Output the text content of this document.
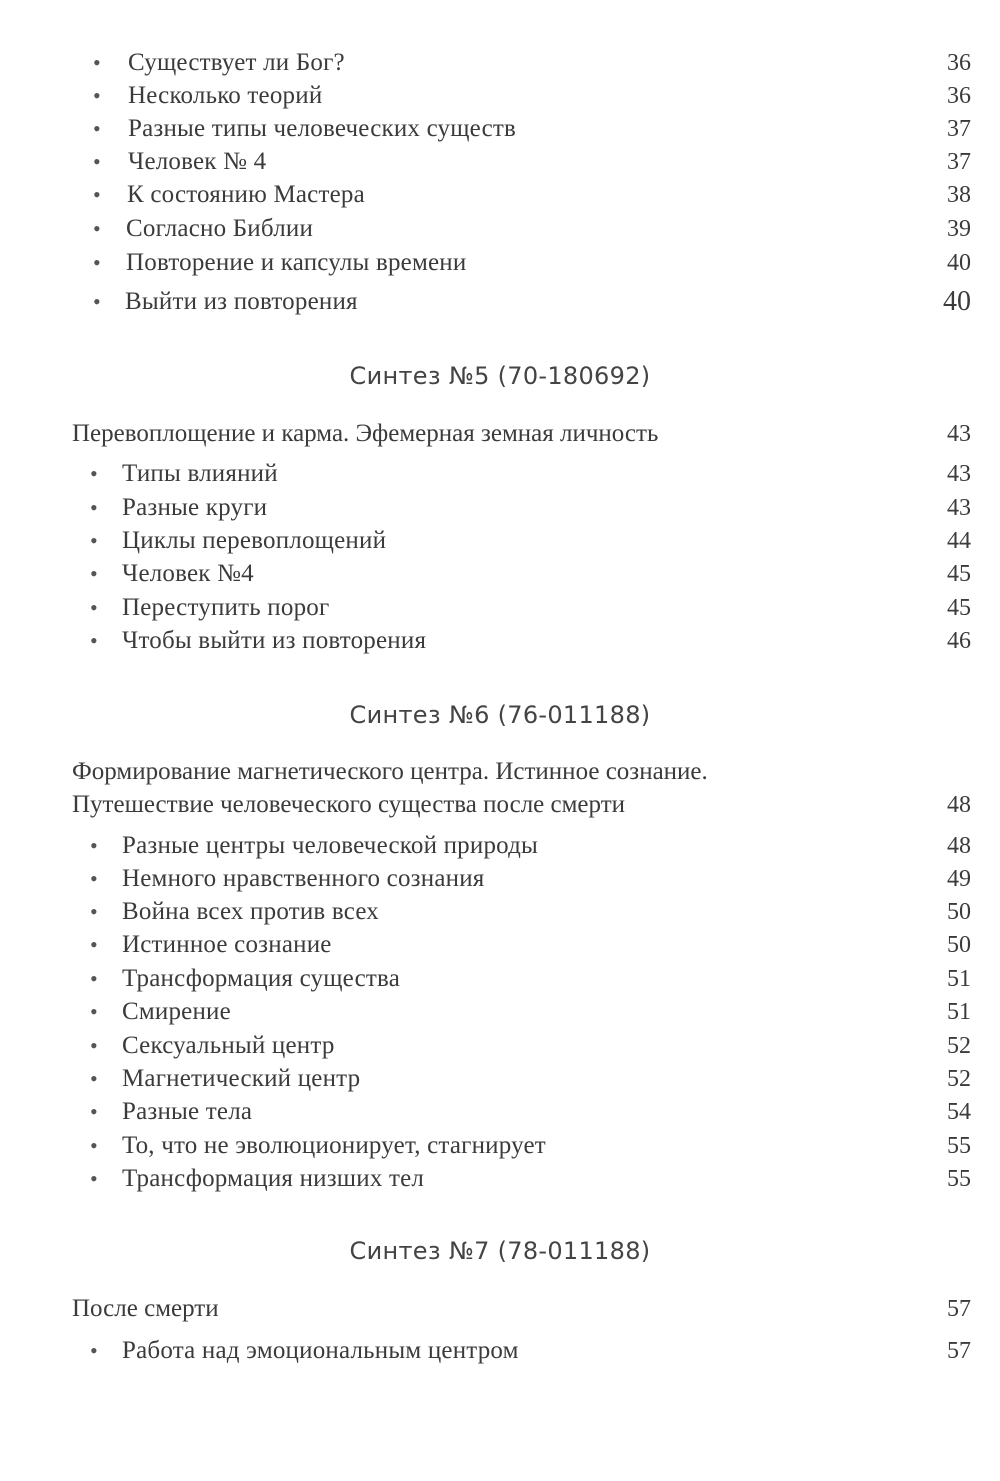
• Существует ли Бог?	36
• Несколько теорий	36
• Разные типы человеческих существ	37
• Человек № 4	37
• К состоянию Мастера	38
• Согласно Библии	39
• Повторение и капсулы времени	40
• Выйти из повторения	40
Синтез №5 (70-180692)
Перевоплощение и карма. Эфемерная земная личность	43
• Типы влияний	43
• Разные круги	43
• Циклы перевоплощений	44
• Человек №4	45
• Переступить порог	45
• Чтобы выйти из повторения	46
Синтез №6 (76-011188)
Формирование магнетического центра. Истинное сознание.
Путешествие человеческого существа после смерти	48
• Разные центры человеческой природы	48
• Немного нравственного сознания	49
• Война всех против всех	50
• Истинное сознание	50
• Трансформация существа	51
• Смирение	51
• Сексуальный центр	52
• Магнетический центр	52
• Разные тела	54
• То, что не эволюционирует, стагнирует	55
• Трансформация низших тел	55
Синтез №7 (78-011188)
После смерти	57
• Работа над эмоциональным центром	57
